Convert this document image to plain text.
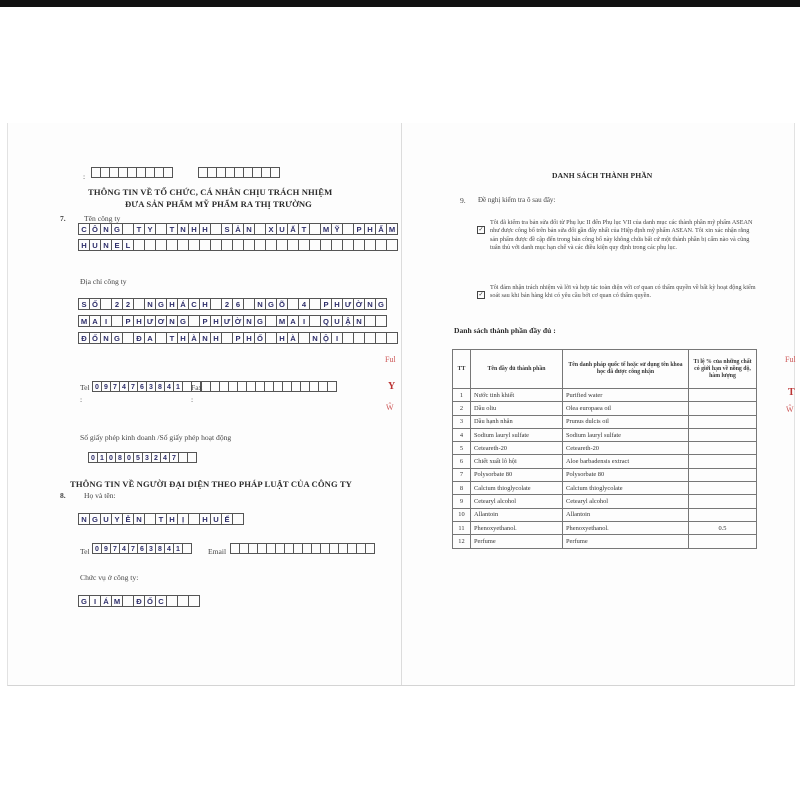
:
THÔNG TIN VỀ TỔ CHỨC, CÁ NHÂN CHỊU TRÁCH NHIỆM
ĐƯA SẢN PHẨM MỸ PHẨM RA THỊ TRƯỜNG
7. Tên công ty
C Ô N G	T Y	T N H H	S Ả N	X U Ấ T	M Ỹ	P H Ẩ M
H U N E L
Địa chỉ công ty
S Ố	2 2	N G H Á C H	2 6	N G Õ	4	P H Ư Ờ N G
M A I	P H Ư Ơ N G	P H Ư Ờ N G	M A I	Q U Ậ N
Đ Ố N G	Đ A	T H À N H	P H Ố	H À	N Ộ I
Tel
:
0 9 7 4 7 6 3 8 4 1	Fax
:
Số giấy phép kinh doanh /Số giấy phép hoạt động
0 1 0 8 0 5 3 2 4 7
THÔNG TIN VỀ NGƯỜI ĐẠI DIỆN THEO PHÁP LUẬT CỦA CÔNG TY
8. Họ và tên:
N G U Y Ễ N	T H Ị	H U Ế
Tel 0 9 7 4 7 6 3 8 4 1	Email
Chức vụ ở công ty:
G I Á M	Đ Ố C
Ful
Y
Ŵ
DANH SÁCH THÀNH PHẦN
9. Đề nghị kiểm tra ô sau đây:
✓
Tôi đã kiểm tra bản sửa đổi từ Phụ lục II đến Phụ lục VII của danh mục các thành phần mỹ phẩm ASEAN như được công bố trên bản sửa đổi gần đây nhất của Hiệp định mỹ phẩm ASEAN. Tôi xin xác nhận rằng sản phẩm được đề cập đến trong bản công bố này không chứa bất cứ một thành phần bị cấm nào và cũng tuân thủ với danh mục hạn chế và các điều kiện quy định trong các phụ lục.
✓
Tôi đảm nhận trách nhiệm và lời và hợp tác toàn diện với cơ quan có thẩm quyền về bất kỳ hoạt động kiểm soát sau khi bán hàng khi có yêu cầu bởi cơ quan có thẩm quyền.
Danh sách thành phần đầy đủ :
TT	Tên đầy đủ thành phần	Tên danh pháp quốc tế hoặc sử dụng tên khoa học đã được công nhận	Tỉ lệ % của những chất có giới hạn về nồng độ, hàm lượng
1	Nước tinh khiết	Purified water	
2	Dầu oliu	Olea europaea oil	
3	Dầu hạnh nhân	Prunus dulcis oil	
4	Sodium lauryl sulfate	Sodium lauryl sulfate	
5	Ceteareth-20	Ceteareth-20	
6	Chiết xuất lô hội	Aloe barbadensis extract	
7	Polysorbate 80	Polysorbate 80	
8	Calcium thioglycolate	Calcium thioglycolate	
9	Cetearyl alcohol	Cetearyl alcohol	
10	Allantoin	Allantoin	
11	Phenoxyethanol.	Phenoxyethanol.	0.5
12	Perfume	Perfume	
Ful
T
Ŵ
